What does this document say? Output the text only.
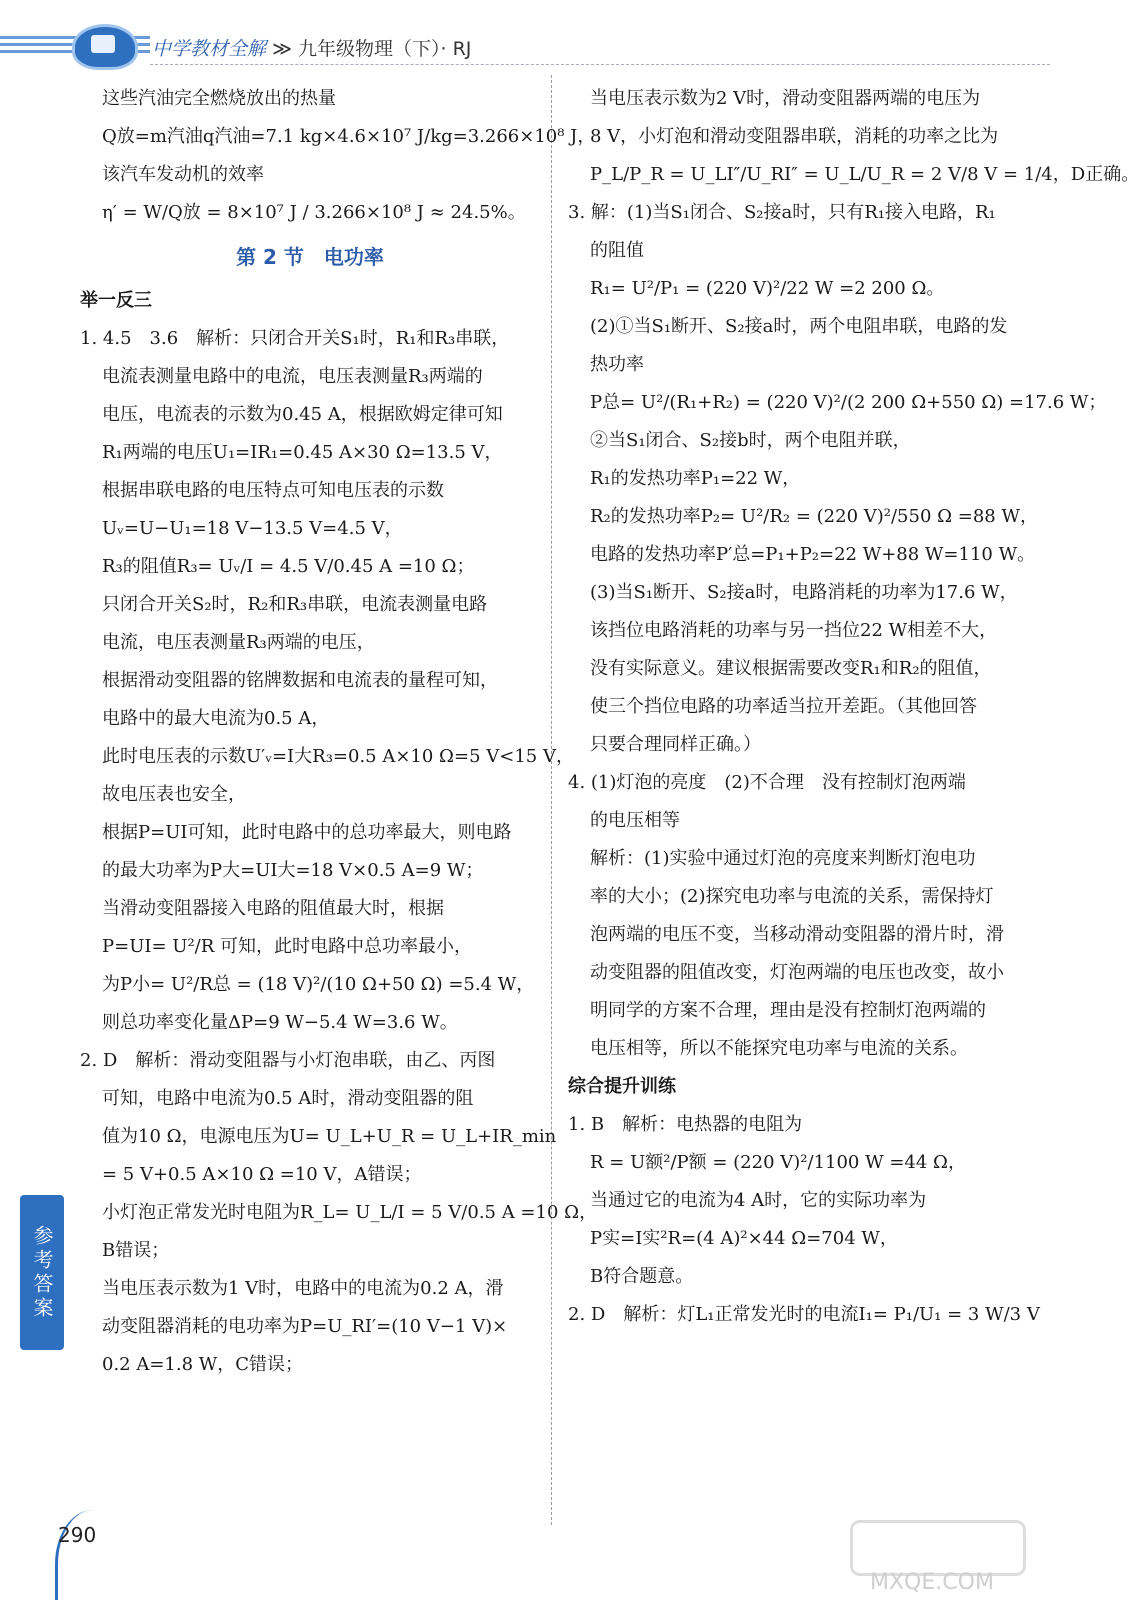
中学教材全解 ≫ 九年级物理（下）· RJ
这些汽油完全燃烧放出的热量
Q放=m汽油q汽油=7.1 kg×4.6×10⁷ J/kg=3.266×10⁸ J，
该汽车发动机的效率
η′ = W/Q放 = 8×10⁷ J / 3.266×10⁸ J ≈ 24.5%。
第 2 节　电功率
举一反三
1. 4.5　3.6　解析：只闭合开关S₁时，R₁和R₃串联，
电流表测量电路中的电流，电压表测量R₃两端的
电压，电流表的示数为0.45 A，根据欧姆定律可知
R₁两端的电压U₁=IR₁=0.45 A×30 Ω=13.5 V，
根据串联电路的电压特点可知电压表的示数
Uᵥ=U−U₁=18 V−13.5 V=4.5 V，
R₃的阻值R₃= Uᵥ/I = 4.5 V/0.45 A =10 Ω；
只闭合开关S₂时，R₂和R₃串联，电流表测量电路
电流，电压表测量R₃两端的电压，
根据滑动变阻器的铭牌数据和电流表的量程可知，
电路中的最大电流为0.5 A，
此时电压表的示数U′ᵥ=I大R₃=0.5 A×10 Ω=5 V<15 V，
故电压表也安全，
根据P=UI可知，此时电路中的总功率最大，则电路
的最大功率为P大=UI大=18 V×0.5 A=9 W；
当滑动变阻器接入电路的阻值最大时，根据
P=UI= U²/R 可知，此时电路中总功率最小，
为P小= U²/R总 = (18 V)²/(10 Ω+50 Ω) =5.4 W，
则总功率变化量ΔP=9 W−5.4 W=3.6 W。
2. D　解析：滑动变阻器与小灯泡串联，由乙、丙图
可知，电路中电流为0.5 A时，滑动变阻器的阻
值为10 Ω，电源电压为U= U_L+U_R = U_L+IR_min
= 5 V+0.5 A×10 Ω =10 V，A错误；
小灯泡正常发光时电阻为R_L= U_L/I = 5 V/0.5 A =10 Ω，
B错误；
当电压表示数为1 V时，电路中的电流为0.2 A，滑
动变阻器消耗的电功率为P=U_RI′=(10 V−1 V)×
0.2 A=1.8 W，C错误；
当电压表示数为2 V时，滑动变阻器两端的电压为
8 V，小灯泡和滑动变阻器串联，消耗的功率之比为
P_L/P_R = U_LI″/U_RI″ = U_L/U_R = 2 V/8 V = 1/4，D正确。
3. 解：(1)当S₁闭合、S₂接a时，只有R₁接入电路，R₁
的阻值
R₁= U²/P₁ = (220 V)²/22 W =2 200 Ω。
(2)①当S₁断开、S₂接a时，两个电阻串联，电路的发
热功率
P总= U²/(R₁+R₂) = (220 V)²/(2 200 Ω+550 Ω) =17.6 W；
②当S₁闭合、S₂接b时，两个电阻并联，
R₁的发热功率P₁=22 W，
R₂的发热功率P₂= U²/R₂ = (220 V)²/550 Ω =88 W，
电路的发热功率P′总=P₁+P₂=22 W+88 W=110 W。
(3)当S₁断开、S₂接a时，电路消耗的功率为17.6 W，
该挡位电路消耗的功率与另一挡位22 W相差不大，
没有实际意义。建议根据需要改变R₁和R₂的阻值，
使三个挡位电路的功率适当拉开差距。（其他回答
只要合理同样正确。）
4. (1)灯泡的亮度　(2)不合理　没有控制灯泡两端
的电压相等
解析：(1)实验中通过灯泡的亮度来判断灯泡电功
率的大小；(2)探究电功率与电流的关系，需保持灯
泡两端的电压不变，当移动滑动变阻器的滑片时，滑
动变阻器的阻值改变，灯泡两端的电压也改变，故小
明同学的方案不合理，理由是没有控制灯泡两端的
电压相等，所以不能探究电功率与电流的关系。
综合提升训练
1. B　解析：电热器的电阻为
R = U额²/P额 = (220 V)²/1100 W =44 Ω，
当通过它的电流为4 A时，它的实际功率为
P实=I实²R=(4 A)²×44 Ω=704 W，
B符合题意。
2. D　解析：灯L₁正常发光时的电流I₁= P₁/U₁ = 3 W/3 V
参考答案
290
MXQE.COM
